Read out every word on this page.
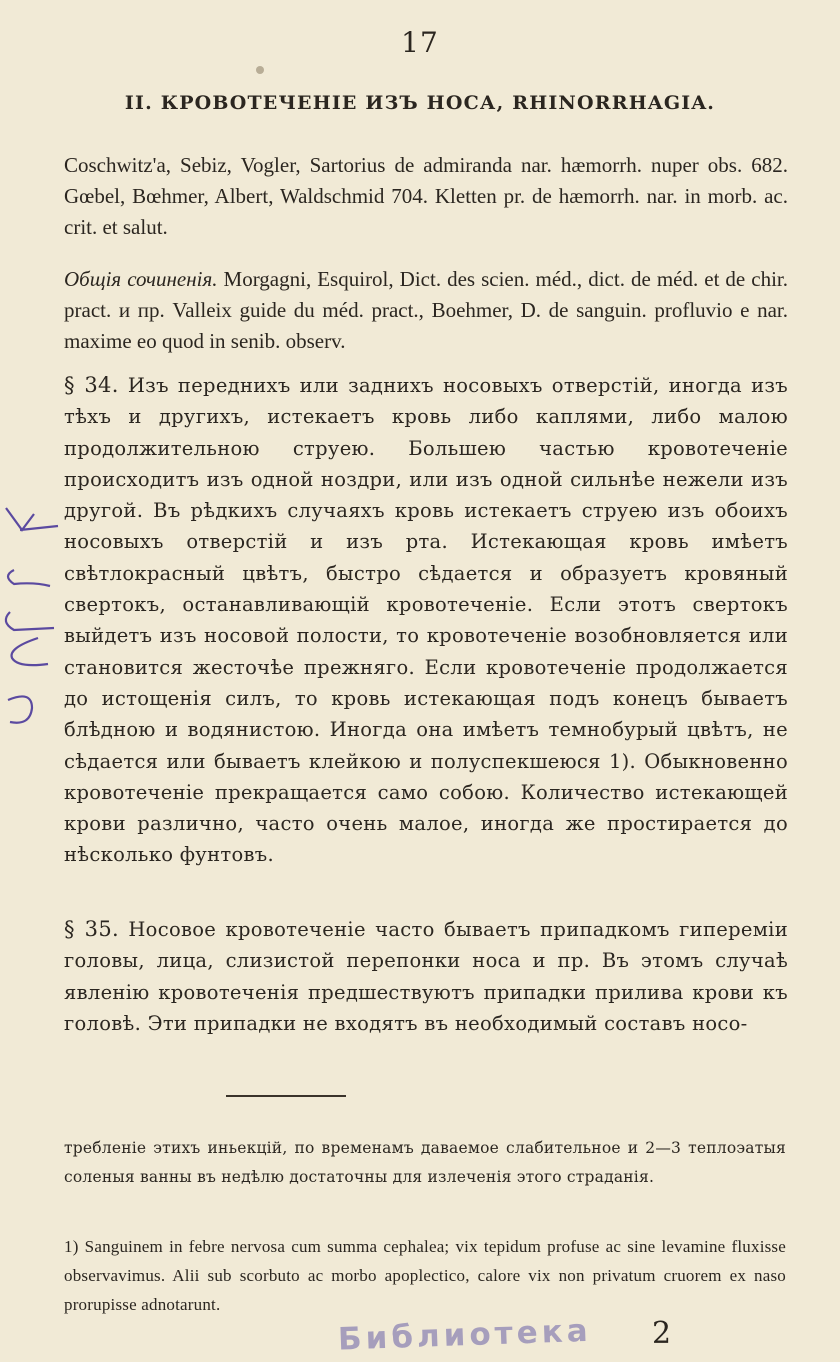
17
II. КРОВОТЕЧЕНІЕ ИЗЪ НОСА, RHINORRHAGIA.
Coschwitz'a, Sebiz, Vogler, Sartorius de admiranda nar. hæmorrh. nuper obs. 682. Gœbel, Bœhmer, Albert, Waldschmid 704. Kletten pr. de hæmorrh. nar. in morb. ac. crit. et salut.
Общія сочиненія. Morgagni, Esquirol, Dict. des scien. méd., dict. de méd. et de chir. pract. и пр. Valleix guide du méd. pract., Boehmer, D. de sanguin. profluvio e nar. maxime eo quod in senib. observ.
§ 34. Изъ переднихъ или заднихъ носовыхъ отверстій, иногда изъ тѣхъ и другихъ, истекаетъ кровь либо каплями, либо малою продолжительною струею. Большею частью кровотеченіе происходитъ изъ одной ноздри, или изъ одной сильнѣе нежели изъ другой. Въ рѣдкихъ случаяхъ кровь истекаетъ струею изъ обоихъ носовыхъ отверстій и изъ рта. Истекающая кровь имѣетъ свѣтлокрасный цвѣтъ, быстро сѣдается и образуетъ кровяный свертокъ, останавливающій кровотеченіе. Если этотъ свертокъ выйдетъ изъ носовой полости, то кровотеченіе возобновляется или становится жесточѣе прежняго. Если кровотеченіе продолжается до истощенія силъ, то кровь истекающая подъ конецъ бываетъ блѣдною и водянистою. Иногда она имѣетъ темнобурый цвѣтъ, не сѣдается или бываетъ клейкою и полуспекшеюся 1). Обыкновенно кровотеченіе прекращается само собою. Количество истекающей крови различно, часто очень малое, иногда же простирается до нѣсколько фунтовъ.
§ 35. Носовое кровотеченіе часто бываетъ припадкомъ гипереміи головы, лица, слизистой перепонки носа и пр. Въ этомъ случаѣ явленію кровотеченія предшествуютъ припадки прилива крови къ головѣ. Эти припадки не входятъ въ необходимый составъ носо-
требленіе этихъ иньекцій, по временамъ даваемое слабительное и 2—3 теплоэатыя соленыя ванны въ недѣлю достаточны для излеченія этого страданія.
1) Sanguinem in febre nervosa cum summa cephalea; vix tepidum profuse ac sine levamine fluxisse observavimus. Alii sub scorbuto ac morbo apoplectico, calore vix non privatum cruorem ex naso prorupisse adnotarunt.
Библиотека	2
